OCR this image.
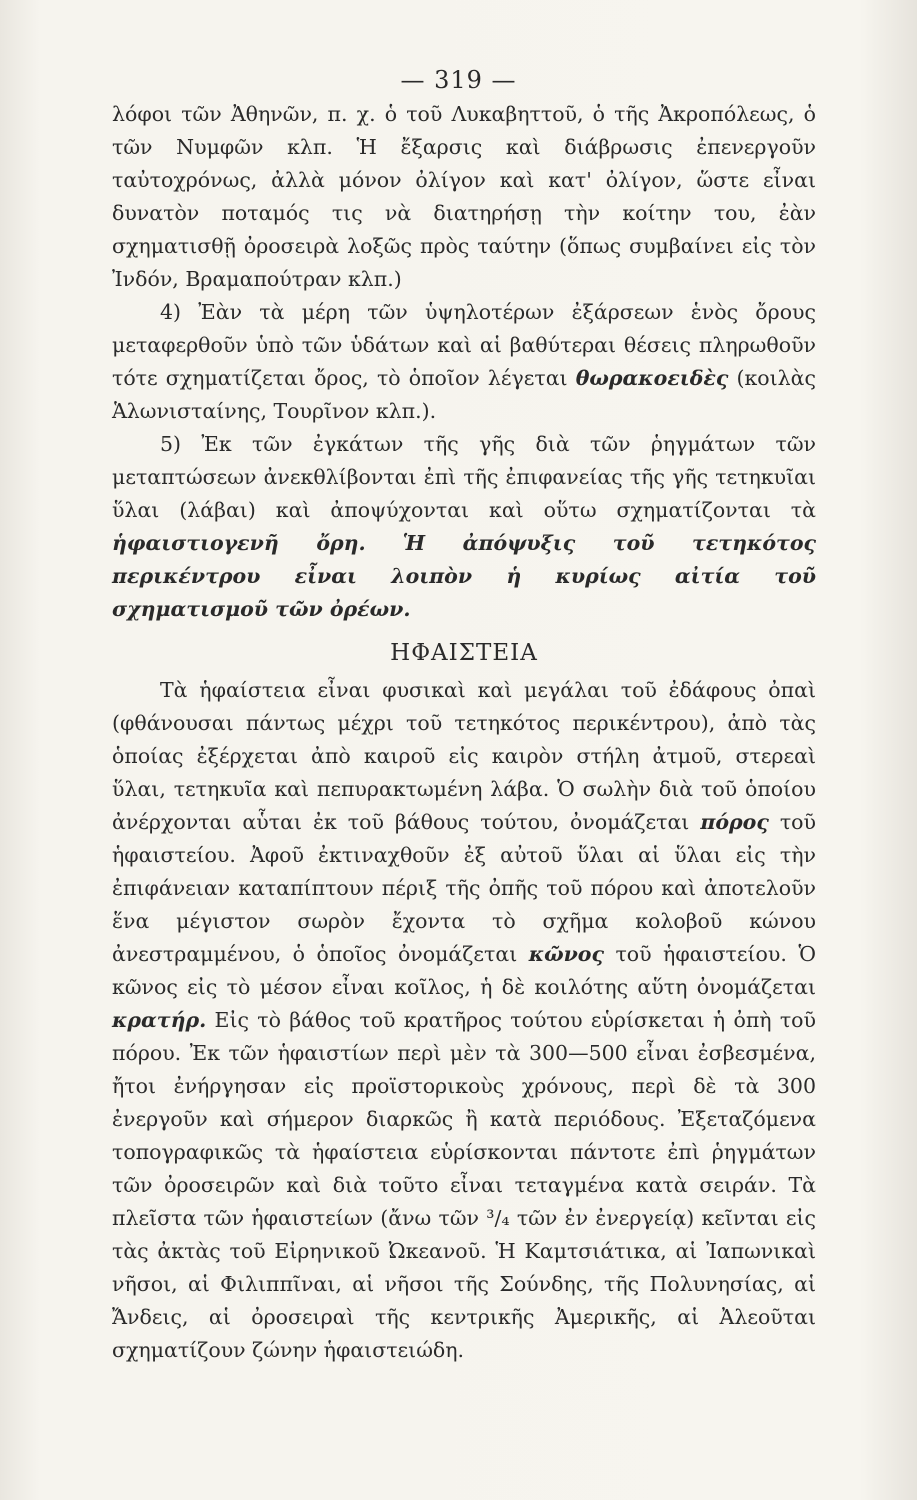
— 319 —

λόφοι τῶν Ἀθηνῶν, π. χ. ὁ τοῦ Λυκαβηττοῦ, ὁ τῆς Ἀκροπόλεως, ὁ τῶν Νυμφῶν κλπ. Ἡ ἔξαρσις καὶ διάβρωσις ἐπενεργοῦν ταὐτοχρόνως, ἀλλὰ μόνον ὀλίγον καὶ κατ' ὀλίγον, ὥστε εἶναι δυνατὸν ποταμός τις νὰ διατηρήσῃ τὴν κοίτην του, ἐὰν σχηματισθῇ ὀροσειρὰ λοξῶς πρὸς ταύτην (ὅπως συμβαίνει εἰς τὸν Ἰνδόν, Βραμαπούτραν κλπ.)

4) Ἐὰν τὰ μέρη τῶν ὑψηλοτέρων ἐξάρσεων ἑνὸς ὄρους μεταφερθοῦν ὑπὸ τῶν ὑδάτων καὶ αἱ βαθύτεραι θέσεις πληρωθοῦν τότε σχηματίζεται ὄρος, τὸ ὁποῖον λέγεται θωρακοειδὲς (κοιλὰς Ἁλωνισταίνης, Τουρῖνον κλπ.).

5) Ἐκ τῶν ἐγκάτων τῆς γῆς διὰ τῶν ῥηγμάτων τῶν μεταπτώσεων ἀνεκθλίβονται ἐπὶ τῆς ἐπιφανείας τῆς γῆς τετηκυῖαι ὕλαι (λάβαι) καὶ ἀποψύχονται καὶ οὕτω σχηματίζονται τὰ ἡφαιστιογενῆ ὄρη. Ἡ ἀπόψυξις τοῦ τετηκότος περικέντρου εἶναι λοιπὸν ἡ κυρίως αἰτία τοῦ σχηματισμοῦ τῶν ὀρέων.

ΗΦΑΙΣΤΕΙΑ

Τὰ ἡφαίστεια εἶναι φυσικαὶ καὶ μεγάλαι τοῦ ἐδάφους ὀπαὶ (φθάνουσαι πάντως μέχρι τοῦ τετηκότος περικέντρου), ἀπὸ τὰς ὁποίας ἐξέρχεται ἀπὸ καιροῦ εἰς καιρὸν στήλη ἀτμοῦ, στερεαὶ ὕλαι, τετηκυῖα καὶ πεπυρακτωμένη λάβα. Ὁ σωλὴν διὰ τοῦ ὁποίου ἀνέρχονται αὗται ἐκ τοῦ βάθους τούτου, ὀνομάζεται πόρος τοῦ ἡφαιστείου. Ἀφοῦ ἐκτιναχθοῦν ἐξ αὐτοῦ ὕλαι αἱ ὕλαι εἰς τὴν ἐπιφάνειαν καταπίπτουν πέριξ τῆς ὀπῆς τοῦ πόρου καὶ ἀποτελοῦν ἕνα μέγιστον σωρὸν ἔχοντα τὸ σχῆμα κολοβοῦ κώνου ἀνεστραμμένου, ὁ ὁποῖος ὀνομάζεται κῶνος τοῦ ἡφαιστείου. Ὁ κῶνος εἰς τὸ μέσον εἶναι κοῖλος, ἡ δὲ κοιλότης αὕτη ὀνομάζεται κρατήρ. Εἰς τὸ βάθος τοῦ κρατῆρος τούτου εὑρίσκεται ἡ ὀπὴ τοῦ πόρου. Ἐκ τῶν ἡφαιστίων περὶ μὲν τὰ 300—500 εἶναι ἐσβεσμένα, ἤτοι ἐνήργησαν εἰς προϊστορικοὺς χρόνους, περὶ δὲ τὰ 300 ἐνεργοῦν καὶ σήμερον διαρκῶς ἢ κατὰ περιόδους. Ἐξεταζόμενα τοπογραφικῶς τὰ ἡφαίστεια εὑρίσκονται πάντοτε ἐπὶ ῥηγμάτων τῶν ὀροσειρῶν καὶ διὰ τοῦτο εἶναι τεταγμένα κατὰ σειράν. Τὰ πλεῖστα τῶν ἡφαιστείων (ἄνω τῶν ³/₄ τῶν ἐν ἐνεργείᾳ) κεῖνται εἰς τὰς ἀκτὰς τοῦ Εἰρηνικοῦ Ὠκεανοῦ. Ἡ Καμτσιάτικα, αἱ Ἰαπωνικαὶ νῆσοι, αἱ Φιλιππῖναι, αἱ νῆσοι τῆς Σούνδης, τῆς Πολυνησίας, αἱ Ἄνδεις, αἱ ὀροσειραὶ τῆς κεντρικῆς Ἀμερικῆς, αἱ Ἀλεοῦται σχηματίζουν ζώνην ἡφαιστειώδη.
